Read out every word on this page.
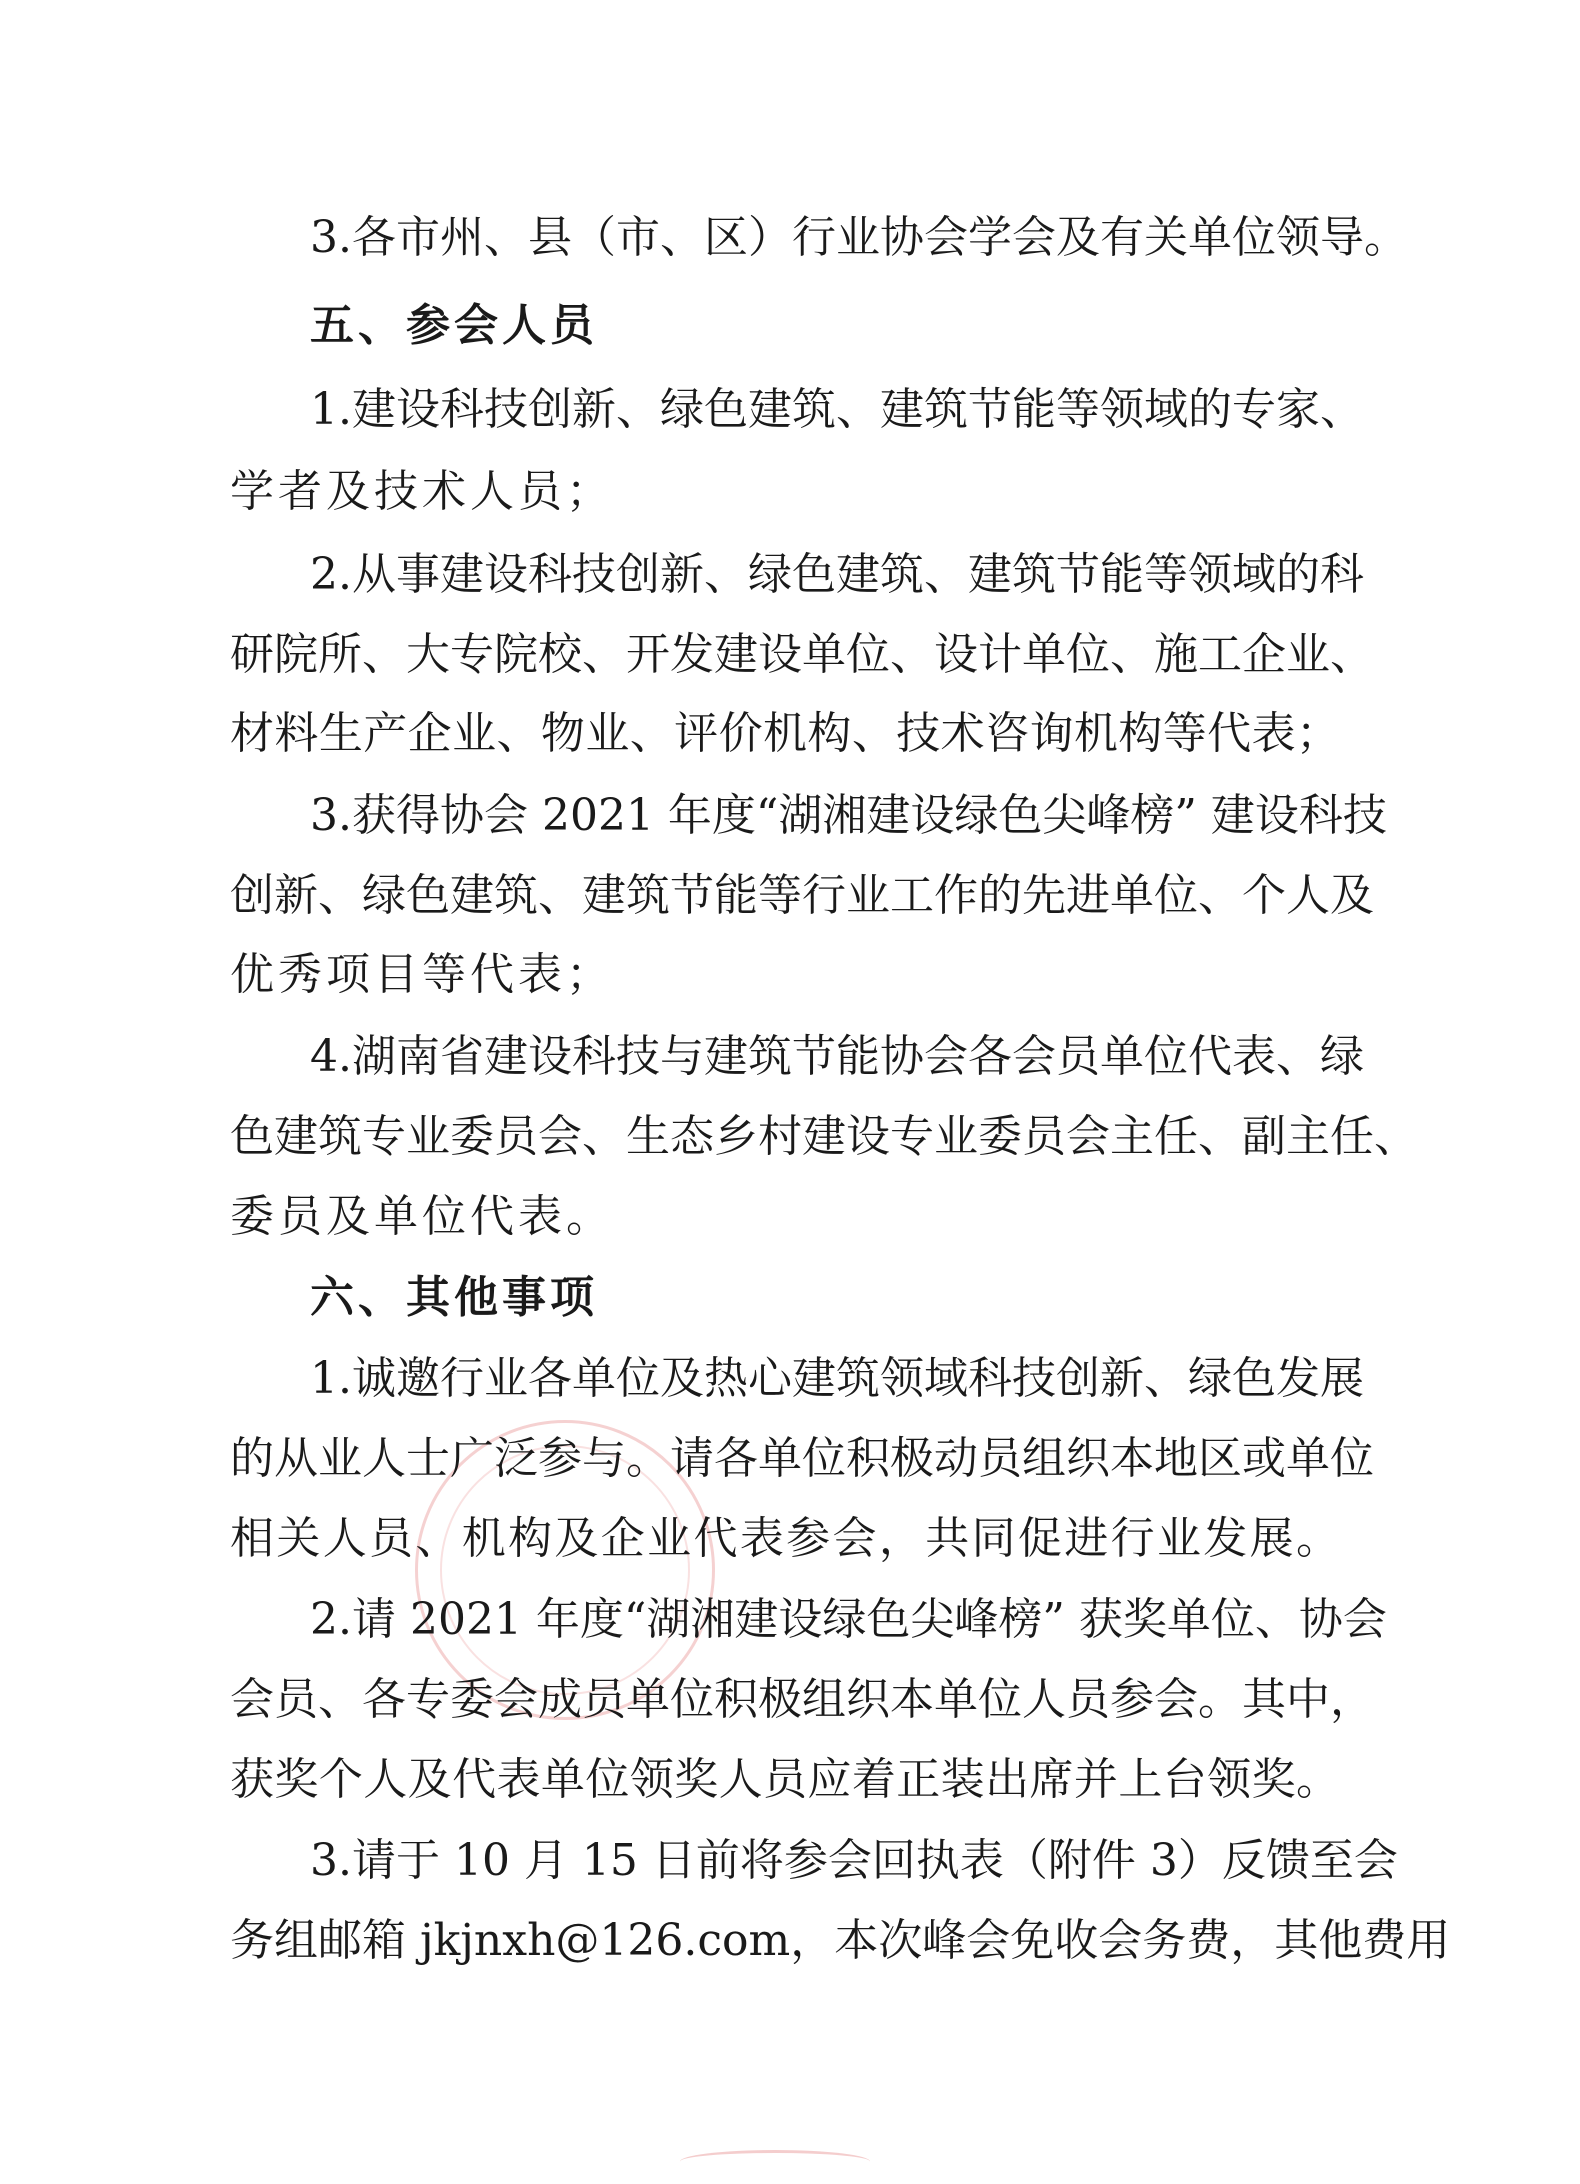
3.各市州、县（市、区）行业协会学会及有关单位领导。
五、参会人员
1.建设科技创新、绿色建筑、建筑节能等领域的专家、
学者及技术人员；
2.从事建设科技创新、绿色建筑、建筑节能等领域的科
研院所、大专院校、开发建设单位、设计单位、施工企业、
材料生产企业、物业、评价机构、技术咨询机构等代表；
3.获得协会 2021 年度“湖湘建设绿色尖峰榜” 建设科技
创新、绿色建筑、建筑节能等行业工作的先进单位、个人及
优秀项目等代表；
4.湖南省建设科技与建筑节能协会各会员单位代表、绿
色建筑专业委员会、生态乡村建设专业委员会主任、副主任、
委员及单位代表。
六、其他事项
1.诚邀行业各单位及热心建筑领域科技创新、绿色发展
的从业人士广泛参与。请各单位积极动员组织本地区或单位
相关人员、机构及企业代表参会，共同促进行业发展。
2.请 2021 年度“湖湘建设绿色尖峰榜” 获奖单位、协会
会员、各专委会成员单位积极组织本单位人员参会。其中，
获奖个人及代表单位领奖人员应着正装出席并上台领奖。
3.请于 10 月 15 日前将参会回执表（附件 3）反馈至会
务组邮箱 jkjnxh@126.com，本次峰会免收会务费，其他费用
